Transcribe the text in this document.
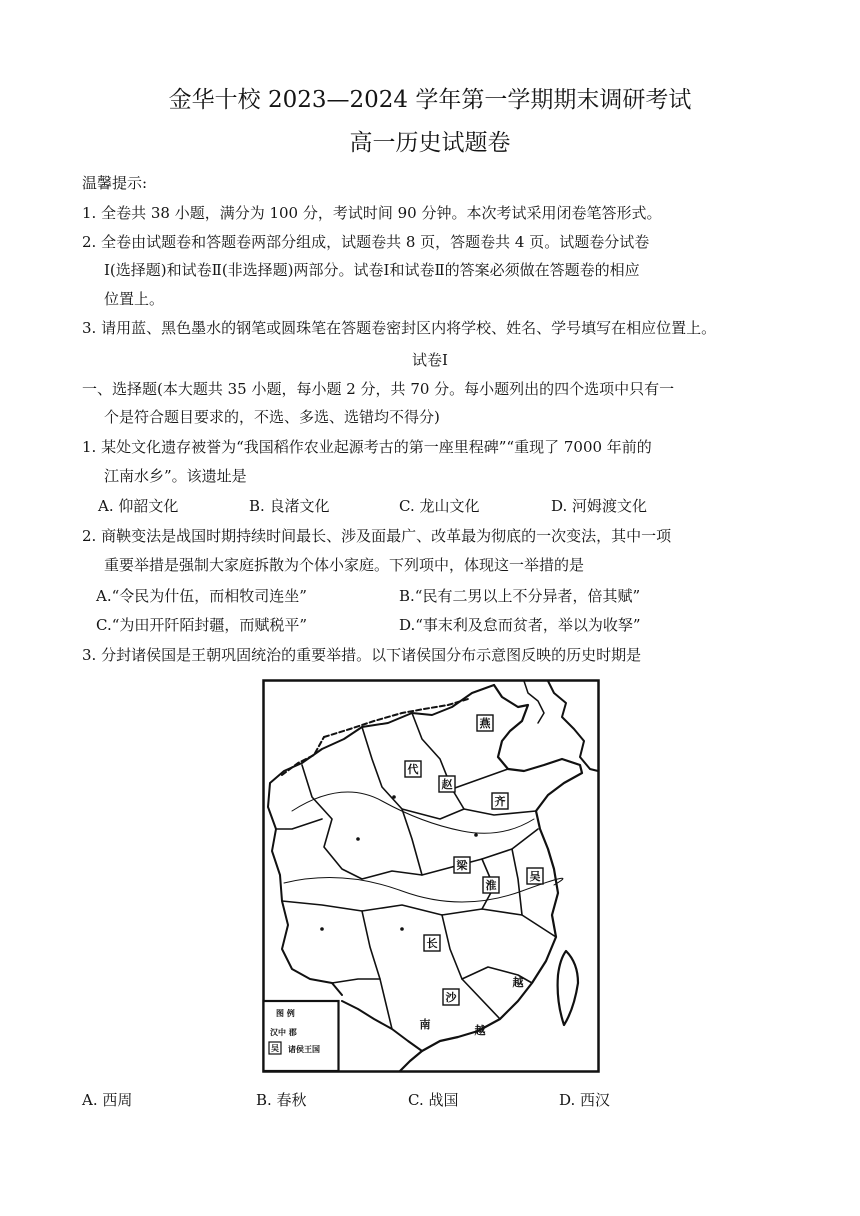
金华十校 2023—2024 学年第一学期期末调研考试
高一历史试题卷
温馨提示:
1. 全卷共 38 小题，满分为 100 分，考试时间 90 分钟。本次考试采用闭卷笔答形式。
2. 全卷由试题卷和答题卷两部分组成，试题卷共 8 页，答题卷共 4 页。试题卷分试卷
Ⅰ(选择题)和试卷Ⅱ(非选择题)两部分。试卷Ⅰ和试卷Ⅱ的答案必须做在答题卷的相应
位置上。
3. 请用蓝、黑色墨水的钢笔或圆珠笔在答题卷密封区内将学校、姓名、学号填写在相应位置上。
试卷Ⅰ
一、选择题(本大题共 35 小题，每小题 2 分，共 70 分。每小题列出的四个选项中只有一
个是符合题目要求的，不选、多选、选错均不得分)
1. 某处文化遗存被誉为“我国稻作农业起源考古的第一座里程碑”“重现了 7000 年前的
江南水乡”。该遗址是
A. 仰韶文化	B. 良渚文化	C. 龙山文化	D. 河姆渡文化
2. 商鞅变法是战国时期持续时间最长、涉及面最广、改革最为彻底的一次变法，其中一项
重要举措是强制大家庭拆散为个体小家庭。下列项中，体现这一举措的是
A.“令民为什伍，而相牧司连坐”	B.“民有二男以上不分异者，倍其赋”
C.“为田开阡陌封疆，而赋税平”	D.“事末利及怠而贫者，举以为收孥”
3. 分封诸侯国是王朝巩固统治的重要举措。以下诸侯国分布示意图反映的历史时期是
燕
代
赵
齐
梁
淮
吴
长
沙
越
南	越
图 例
汉中 郡
吴 诸侯王国
A. 西周	B. 春秋	C. 战国	D. 西汉
